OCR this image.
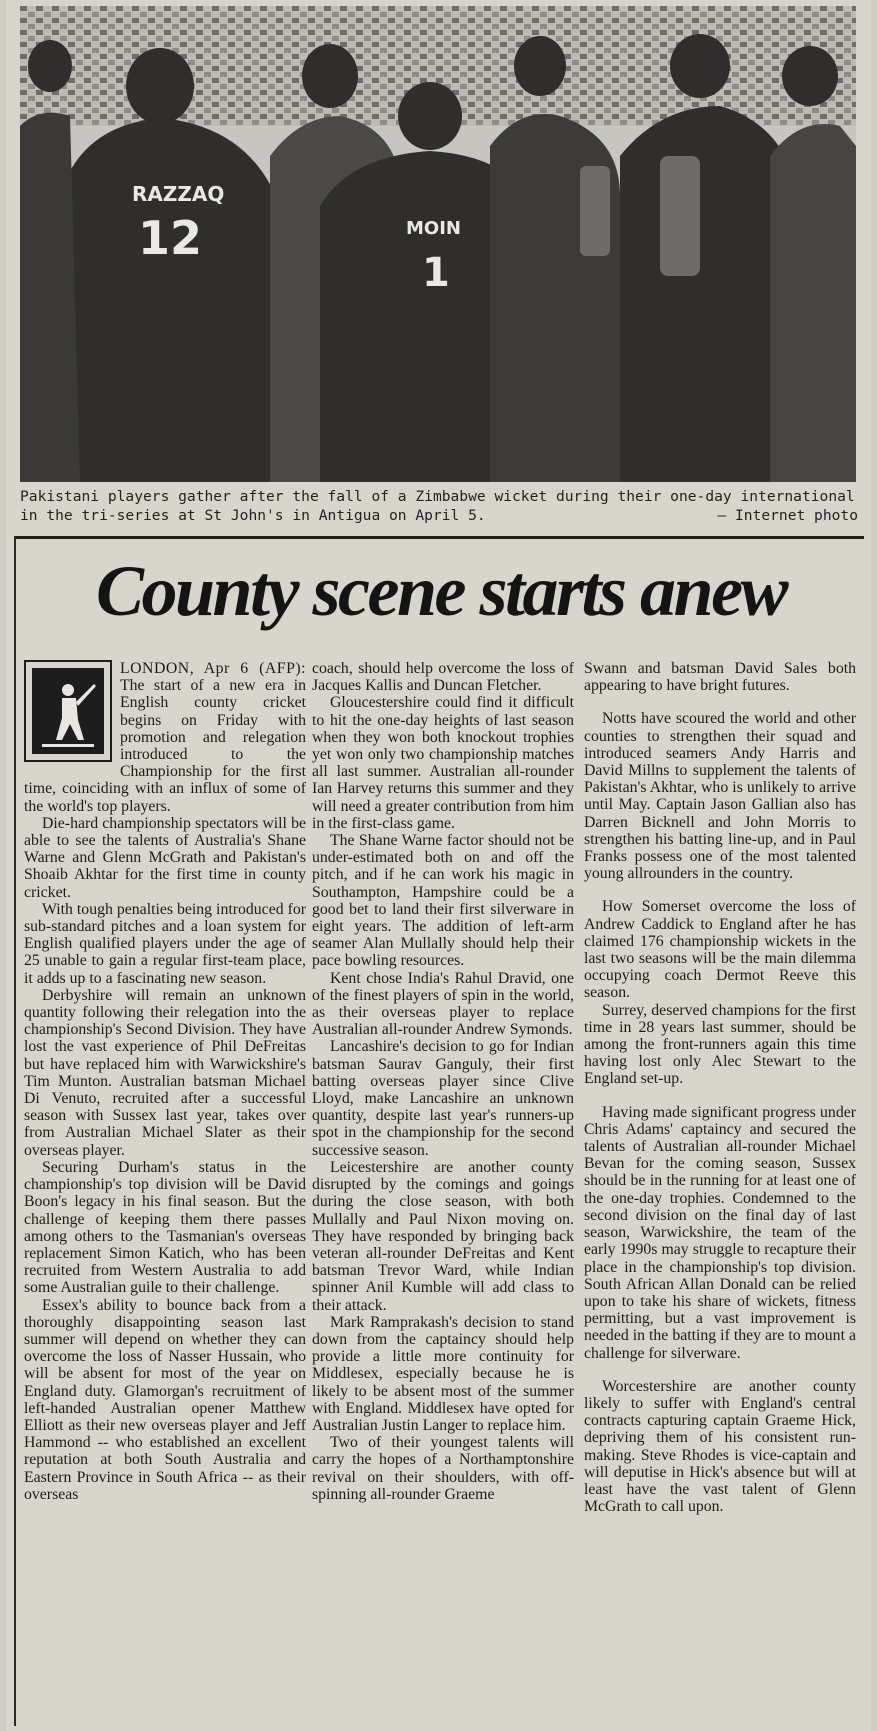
RAZZAQ
12	MOIN
1
Pakistani players gather after the fall of a Zimbabwe wicket during their one-day international in the tri-series at St John's in Antigua on April 5.	— Internet photo
County scene starts anew

LONDON, Apr 6 (AFP): The start of a new era in English county cricket begins on Friday with promotion and relegation introduced to the Championship for the first time, coinciding with an influx of some of the world's top players.

Die-hard championship spectators will be able to see the talents of Australia's Shane Warne and Glenn McGrath and Pakistan's Shoaib Akhtar for the first time in county cricket.

With tough penalties being introduced for sub-standard pitches and a loan system for English qualified players under the age of 25 unable to gain a regular first-team place, it adds up to a fascinating new season.

Derbyshire will remain an unknown quantity following their relegation into the championship's Second Division. They have lost the vast experience of Phil DeFreitas but have replaced him with Warwickshire's Tim Munton. Australian batsman Michael Di Venuto, recruited after a successful season with Sussex last year, takes over from Australian Michael Slater as their overseas player.

Securing Durham's status in the championship's top division will be David Boon's legacy in his final season. But the challenge of keeping them there passes among others to the Tasmanian's overseas replacement Simon Katich, who has been recruited from Western Australia to add some Australian guile to their challenge.

Essex's ability to bounce back from a thoroughly disappointing season last summer will depend on whether they can overcome the loss of Nasser Hussain, who will be absent for most of the year on England duty. Glamorgan's recruitment of left-handed Australian opener Matthew Elliott as their new overseas player and Jeff Hammond -- who established an excellent reputation at both South Australia and Eastern Province in South Africa -- as their overseas

coach, should help overcome the loss of Jacques Kallis and Duncan Fletcher.

Gloucestershire could find it difficult to hit the one-day heights of last season when they won both knockout trophies yet won only two championship matches all last summer. Australian all-rounder Ian Harvey returns this summer and they will need a greater contribution from him in the first-class game.

The Shane Warne factor should not be under-estimated both on and off the pitch, and if he can work his magic in Southampton, Hampshire could be a good bet to land their first silverware in eight years. The addition of left-arm seamer Alan Mullally should help their pace bowling resources.

Kent chose India's Rahul Dravid, one of the finest players of spin in the world, as their overseas player to replace Australian all-rounder Andrew Symonds.

Lancashire's decision to go for Indian batsman Saurav Ganguly, their first batting overseas player since Clive Lloyd, make Lancashire an unknown quantity, despite last year's runners-up spot in the championship for the second successive season.

Leicestershire are another county disrupted by the comings and goings during the close season, with both Mullally and Paul Nixon moving on. They have responded by bringing back veteran all-rounder DeFreitas and Kent batsman Trevor Ward, while Indian spinner Anil Kumble will add class to their attack.

Mark Ramprakash's decision to stand down from the captaincy should help provide a little more continuity for Middlesex, especially because he is likely to be absent most of the summer with England. Middlesex have opted for Australian Justin Langer to replace him.

Two of their youngest talents will carry the hopes of a Northamptonshire revival on their shoulders, with off-spinning all-rounder Graeme

Swann and batsman David Sales both appearing to have bright futures.

Notts have scoured the world and other counties to strengthen their squad and introduced seamers Andy Harris and David Millns to supplement the talents of Pakistan's Akhtar, who is unlikely to arrive until May. Captain Jason Gallian also has Darren Bicknell and John Morris to strengthen his batting line-up, and in Paul Franks possess one of the most talented young allrounders in the country.

How Somerset overcome the loss of Andrew Caddick to England after he has claimed 176 championship wickets in the last two seasons will be the main dilemma occupying coach Dermot Reeve this season.

Surrey, deserved champions for the first time in 28 years last summer, should be among the front-runners again this time having lost only Alec Stewart to the England set-up.

Having made significant progress under Chris Adams' captaincy and secured the talents of Australian all-rounder Michael Bevan for the coming season, Sussex should be in the running for at least one of the one-day trophies. Condemned to the second division on the final day of last season, Warwickshire, the team of the early 1990s may struggle to recapture their place in the championship's top division. South African Allan Donald can be relied upon to take his share of wickets, fitness permitting, but a vast improvement is needed in the batting if they are to mount a challenge for silverware.

Worcestershire are another county likely to suffer with England's central contracts capturing captain Graeme Hick, depriving them of his consistent run-making. Steve Rhodes is vice-captain and will deputise in Hick's absence but will at least have the vast talent of Glenn McGrath to call upon.
